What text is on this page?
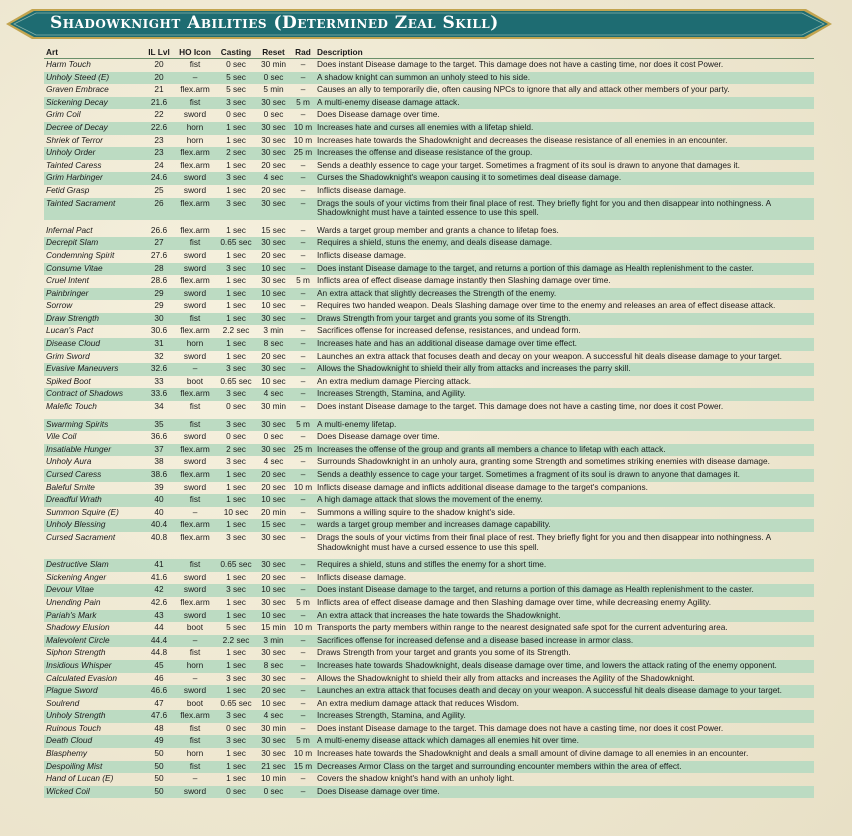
Shadowknight Abilities (Determined Zeal Skill)
Art	IL Lvl	HO Icon	Casting	Reset	Rad	Description
Harm Touch	20	fist	0 sec	30 min	–	Does instant Disease damage to the target. This damage does not have a casting time, nor does it cost Power.
Unholy Steed (E)	20	–	5 sec	0 sec	–	A shadow knight can summon an unholy steed to his side.
Graven Embrace	21	flex.arm	5 sec	5 min	–	Causes an ally to temporarily die, often causing NPCs to ignore that ally and attack other members of your party.
Sickening Decay	21.6	fist	3 sec	30 sec	5 m	A multi-enemy disease damage attack.
Grim Coil	22	sword	0 sec	0 sec	–	Does Disease damage over time.
Decree of Decay	22.6	horn	1 sec	30 sec	10 m	Increases hate and curses all enemies with a lifetap shield.
Shriek of Terror	23	horn	1 sec	30 sec	10 m	Increases hate towards the Shadowknight and decreases the disease resistance of all enemies in an encounter.
Unholy Order	23	flex.arm	2 sec	30 sec	25 m	Increases the offense and disease resistance of the group.
Tainted Caress	24	flex.arm	1 sec	20 sec	–	Sends a deathly essence to cage your target. Sometimes a fragment of its soul is drawn to anyone that damages it.
Grim Harbinger	24.6	sword	3 sec	4 sec	–	Curses the Shadowknight's weapon causing it to sometimes deal disease damage.
Fetid Grasp	25	sword	1 sec	20 sec	–	Inflicts disease damage.
Tainted Sacrament	26	flex.arm	3 sec	30 sec	–	Drags the souls of your victims from their final place of rest. They briefly fight for you and then disappear into nothingness. A Shadowknight must have a tainted essence to use this spell.

Infernal Pact	26.6	flex.arm	1 sec	15 sec	–	Wards a target group member and grants a chance to lifetap foes.
Decrepit Slam	27	fist	0.65 sec	30 sec	–	Requires a shield, stuns the enemy, and deals disease damage.
Condemning Spirit	27.6	sword	1 sec	20 sec	–	Inflicts disease damage.
Consume Vitae	28	sword	3 sec	10 sec	–	Does instant Disease damage to the target, and returns a portion of this damage as Health replenishment to the caster.
Cruel Intent	28.6	flex.arm	1 sec	30 sec	5 m	Inflicts area of effect disease damage instantly then Slashing damage over time.
Painbringer	29	sword	1 sec	10 sec	–	An extra attack that slightly decreases the Strength of the enemy.
Sorrow	29	sword	1 sec	10 sec	–	Requires two handed weapon. Deals Slashing damage over time to the enemy and releases an area of effect disease attack.
Draw Strength	30	fist	1 sec	30 sec	–	Draws Strength from your target and grants you some of its Strength.
Lucan's Pact	30.6	flex.arm	2.2 sec	3 min	–	Sacrifices offense for increased defense, resistances, and undead form.
Disease Cloud	31	horn	1 sec	8 sec	–	Increases hate and has an additional disease damage over time effect.
Grim Sword	32	sword	1 sec	20 sec	–	Launches an extra attack that focuses death and decay on your weapon. A successful hit deals disease damage to your target.
Evasive Maneuvers	32.6	–	3 sec	30 sec	–	Allows the Shadowknight to shield their ally from attacks and increases the parry skill.
Spiked Boot	33	boot	0.65 sec	10 sec	–	An extra medium damage Piercing attack.
Contract of Shadows	33.6	flex.arm	3 sec	4 sec	–	Increases Strength, Stamina, and Agility.
Malefic Touch	34	fist	0 sec	30 min	–	Does instant Disease damage to the target. This damage does not have a casting time, nor does it cost Power.

Swarming Spirits	35	fist	3 sec	30 sec	5 m	A multi-enemy lifetap.
Vile Coil	36.6	sword	0 sec	0 sec	–	Does Disease damage over time.
Insatiable Hunger	37	flex.arm	2 sec	30 sec	25 m	Increases the offense of the group and grants all members a chance to lifetap with each attack.
Unholy Aura	38	sword	3 sec	4 sec	–	Surrounds Shadowknight in an unholy aura, granting some Strength and sometimes striking enemies with disease damage.
Cursed Caress	38.6	flex.arm	1 sec	20 sec	–	Sends a deathly essence to cage your target. Sometimes a fragment of its soul is drawn to anyone that damages it.
Baleful Smite	39	sword	1 sec	20 sec	10 m	Inflicts disease damage and inflicts additional disease damage to the target's companions.
Dreadful Wrath	40	fist	1 sec	10 sec	–	A high damage attack that slows the movement of the enemy.
Summon Squire (E)	40	–	10 sec	20 min	–	Summons a willing squire to the shadow knight's side.
Unholy Blessing	40.4	flex.arm	1 sec	15 sec	–	wards a target group member and increases damage capability.
Cursed Sacrament	40.8	flex.arm	3 sec	30 sec	–	Drags the souls of your victims from their final place of rest. They briefly fight for you and then disappear into nothingness. A Shadowknight must have a cursed essence to use this spell.

Destructive Slam	41	fist	0.65 sec	30 sec	–	Requires a shield, stuns and stifles the enemy for a short time.
Sickening Anger	41.6	sword	1 sec	20 sec	–	Inflicts disease damage.
Devour Vitae	42	sword	3 sec	10 sec	–	Does instant Disease damage to the target, and returns a portion of this damage as Health replenishment to the caster.
Unending Pain	42.6	flex.arm	1 sec	30 sec	5 m	Inflicts area of effect disease damage and then Slashing damage over time, while decreasing enemy Agility.
Pariah's Mark	43	sword	1 sec	10 sec	–	An extra attack that increases the hate towards the Shadowknight.
Shadowy Elusion	44	boot	5 sec	15 min	10 m	Transports the party members within range to the nearest designated safe spot for the current adventuring area.
Malevolent Circle	44.4	–	2.2 sec	3 min	–	Sacrifices offense for increased defense and a disease based increase in armor class.
Siphon Strength	44.8	fist	1 sec	30 sec	–	Draws Strength from your target and grants you some of its Strength.
Insidious Whisper	45	horn	1 sec	8 sec	–	Increases hate towards Shadowknight, deals disease damage over time, and lowers the attack rating of the enemy opponent.
Calculated Evasion	46	–	3 sec	30 sec	–	Allows the Shadowknight to shield their ally from attacks and increases the Agility of the Shadowknight.
Plague Sword	46.6	sword	1 sec	20 sec	–	Launches an extra attack that focuses death and decay on your weapon. A successful hit deals disease damage to your target.
Soulrend	47	boot	0.65 sec	10 sec	–	An extra medium damage attack that reduces Wisdom.
Unholy Strength	47.6	flex.arm	3 sec	4 sec	–	Increases Strength, Stamina, and Agility.
Ruinous Touch	48	fist	0 sec	30 min	–	Does instant Disease damage to the target. This damage does not have a casting time, nor does it cost Power.
Death Cloud	49	fist	3 sec	30 sec	5 m	A multi-enemy disease attack which damages all enemies hit over time.
Blasphemy	50	horn	1 sec	30 sec	10 m	Increases hate towards the Shadowknight and deals a small amount of divine damage to all enemies in an encounter.
Despoiling Mist	50	fist	1 sec	21 sec	15 m	Decreases Armor Class on the target and surrounding encounter members within the area of effect.
Hand of Lucan (E)	50	–	1 sec	10 min	–	Covers the shadow knight's hand with an unholy light.
Wicked Coil	50	sword	0 sec	0 sec	–	Does Disease damage over time.
